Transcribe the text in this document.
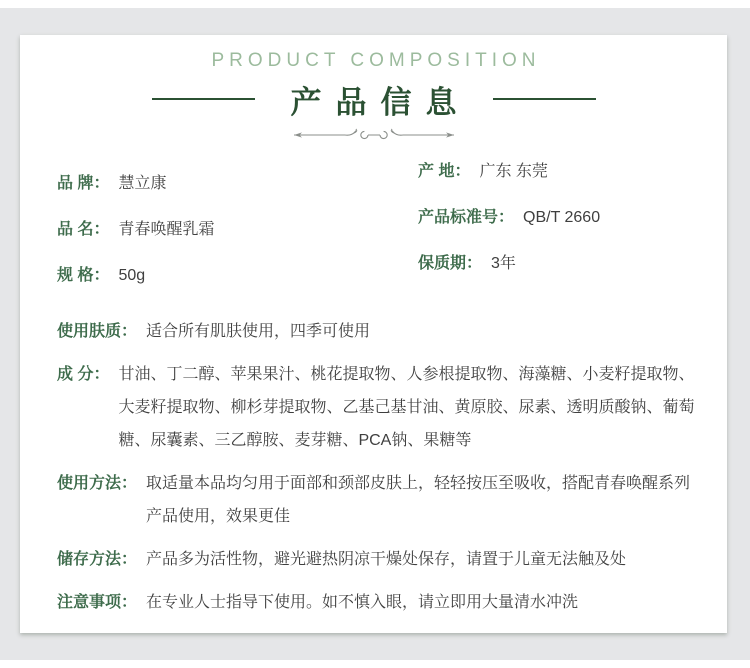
PRODUCT COMPOSITION
产品信息
品 牌： 慧立康
品 名： 青春唤醒乳霜
规 格： 50g
产 地： 广东 东莞
产品标准号： QB/T 2660
保质期： 3年
使用肤质： 适合所有肌肤使用，四季可使用
成 分： 甘油、丁二醇、苹果果汁、桃花提取物、人参根提取物、海藻糖、小麦籽提取物、大麦籽提取物、柳杉芽提取物、乙基己基甘油、黄原胶、尿素、透明质酸钠、葡萄糖、尿囊素、三乙醇胺、麦芽糖、PCA钠、果糖等
使用方法： 取适量本品均匀用于面部和颈部皮肤上，轻轻按压至吸收，搭配青春唤醒系列产品使用，效果更佳
储存方法： 产品多为活性物，避光避热阴凉干燥处保存，请置于儿童无法触及处
注意事项： 在专业人士指导下使用。如不慎入眼，请立即用大量清水冲洗
